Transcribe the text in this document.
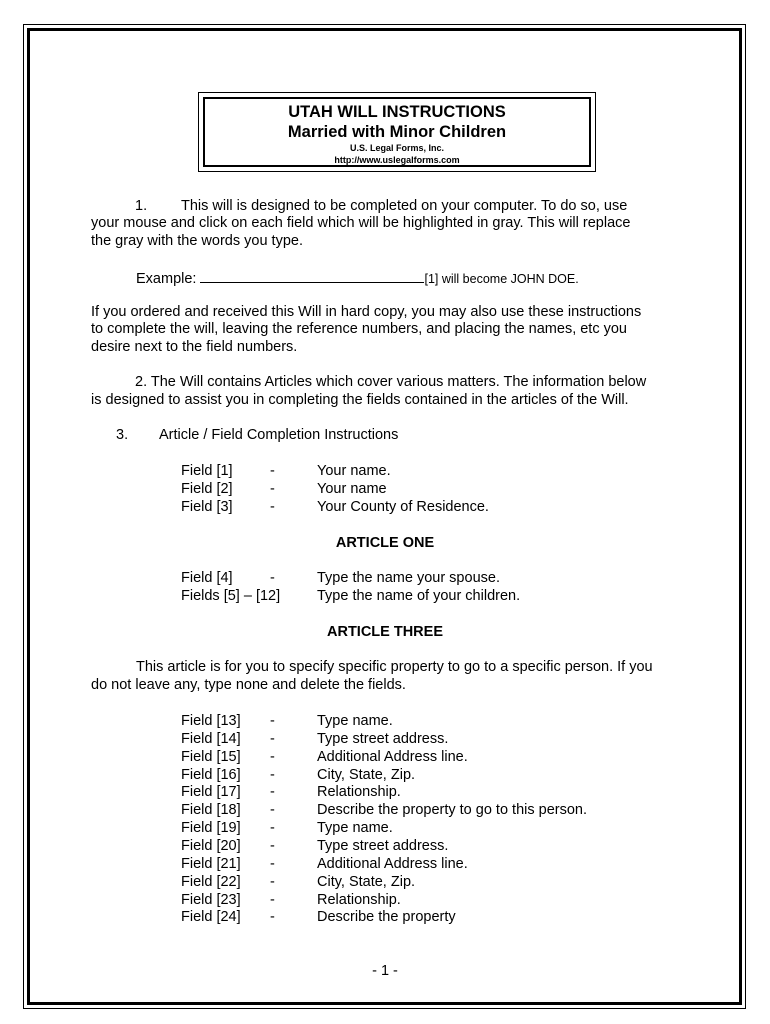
UTAH WILL INSTRUCTIONS
Married with Minor Children
U.S. Legal Forms, Inc.
http://www.uslegalforms.com
1. This will is designed to be completed on your computer. To do so, use
your mouse and click on each field which will be highlighted in gray. This will replace
the gray with the words you type.
Example:	[1] will become JOHN DOE.
If you ordered and received this Will in hard copy, you may also use these instructions
to complete the will, leaving the reference numbers, and placing the names, etc you
desire next to the field numbers.
2. The Will contains Articles which cover various matters. The information below
is designed to assist you in completing the fields contained in the articles of the Will.
3. Article / Field Completion Instructions
Field [1]	-	Your name.
Field [2]	-	Your name
Field [3]	-	Your County of Residence.
ARTICLE ONE
Field [4]	-	Type the name your spouse.
Fields [5] – [12]	Type the name of your children.
ARTICLE THREE
This article is for you to specify specific property to go to a specific person. If you
do not leave any, type none and delete the fields.
Field [13] -	Type name.
Field [14] -	Type street address.
Field [15] -	Additional Address line.
Field [16] -	City, State, Zip.
Field [17] -	Relationship.
Field [18] -	Describe the property to go to this person.
Field [19] -	Type name.
Field [20] -	Type street address.
Field [21] -	Additional Address line.
Field [22] -	City, State, Zip.
Field [23] -	Relationship.
Field [24] -	Describe the property
- 1 -
